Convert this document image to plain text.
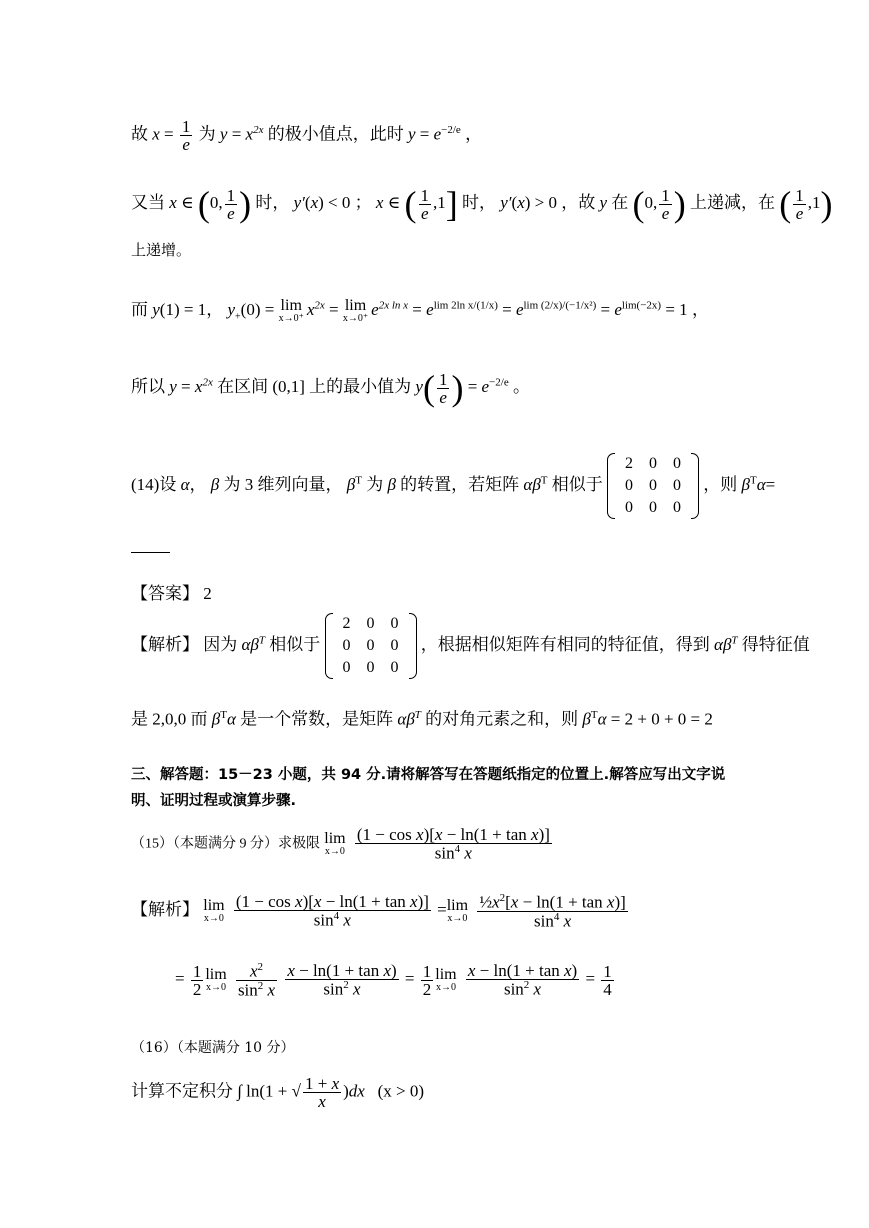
故 $x = \frac{1}{e}$ 为 $y = x^{2x}$ 的极小值点，此时 $y = e^{-2/e}$ ，
又当 x ∈ (0, $\frac{1}{e}$ ) 时， y′(x) < 0 ； x ∈ ( $\frac{1}{e} ,1$] 时， y′(x) > 0 ，故 y 在 (0, $\frac{1}{e}$ ) 上递减，在 ( $\frac{1}{e} ,1$)
上递增。
而 y(1) = 1， $y_+(0) = \lim$
x→0⁺ $x^{2x} = \lim$
x→0⁺ $e^{2x ln x} = e^{lim 2ln x/(1/x)} = e^{lim (2/x)/(-1/x^2)} = e^{lim(-2x)} = 1$ ，
所以 $y = x^{2x}$ 在区间 (0,1] 上的最小值为 $y( \frac{1}{e}$ ) = $e^{-2/e}$ 。
(14)设 α， β 为 3 维列向量， $\beta^T$ 为 β 的转置，若矩阵 $\alpha\beta^T$ 相似于
2	0	0
0	0	0
0	0	0
，则 $\beta^T\alpha=$
【答案】 2
【解析】 因为 $\alpha\beta^T$ 相似于
2	0	0
0	0	0
0	0	0
，根据相似矩阵有相同的特征值，得到 $\alpha\beta^T$ 得特征值
是 2,0,0 而 $\beta^T\alpha$ 是一个常数，是矩阵 $\alpha\beta^T$ 的对角元素之和，则 $\beta^T\alpha = 2 + 0 + 0 = 2$
三、解答题：15－23 小题，共 94 分.请将解答写在答题纸指定的位置上.解答应写出文字说
明、证明过程或演算步骤.
（15）（本题满分 9 分）求极限 lim
x→0
$\frac{\text{(1 − cos x)[x − ln(1 + tan x)]}}{\sin^4 x}$
【解析】 lim
x→0
$\frac{\text{(1 − cos x)[x − ln(1 + tan x)]}}{\sin^4 x} = \lim$
x→0
$\frac{\frac{1}{2}x^2[x - \ln(1 + \tan x)]}{\sin^4 x}$
= $\frac{1}{2}$ lim
x→0
$\frac{x^2}{\sin^2 x}$
$\frac{\text{x − ln(1 + tan x)}}{\sin^2 x} = \frac{1}{2}$ lim
x→0
$\frac{\text{x − ln(1 + tan x)}}{\sin^2 x} = \frac{1}{4}$
（16）（本题满分 10 分）
计算不定积分 ∫ ln(1 + √ $\frac{1 + x}{x} )dx$ (x > 0)
